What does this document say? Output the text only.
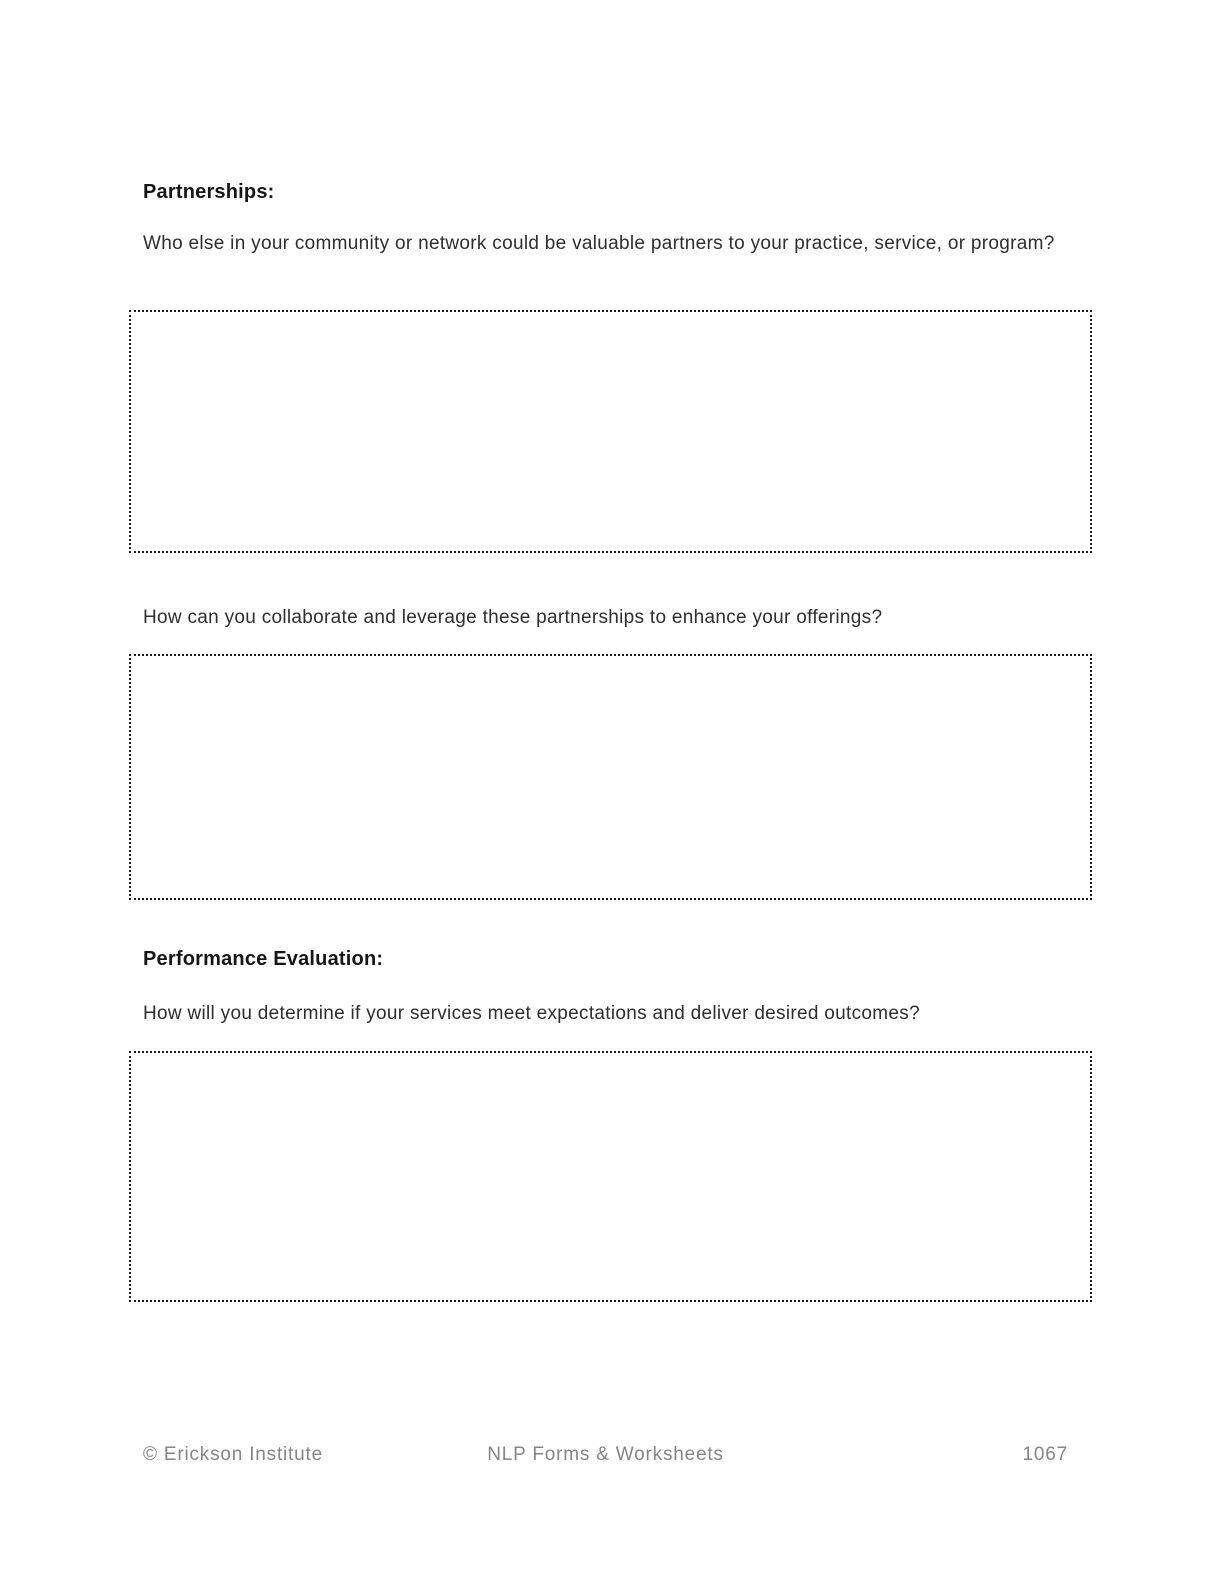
Partnerships:
Who else in your community or network could be valuable partners to your practice, service, or program?
How can you collaborate and leverage these partnerships to enhance your offerings?
Performance Evaluation:
How will you determine if your services meet expectations and deliver desired outcomes?
© Erickson Institute	NLP Forms & Worksheets	1067
